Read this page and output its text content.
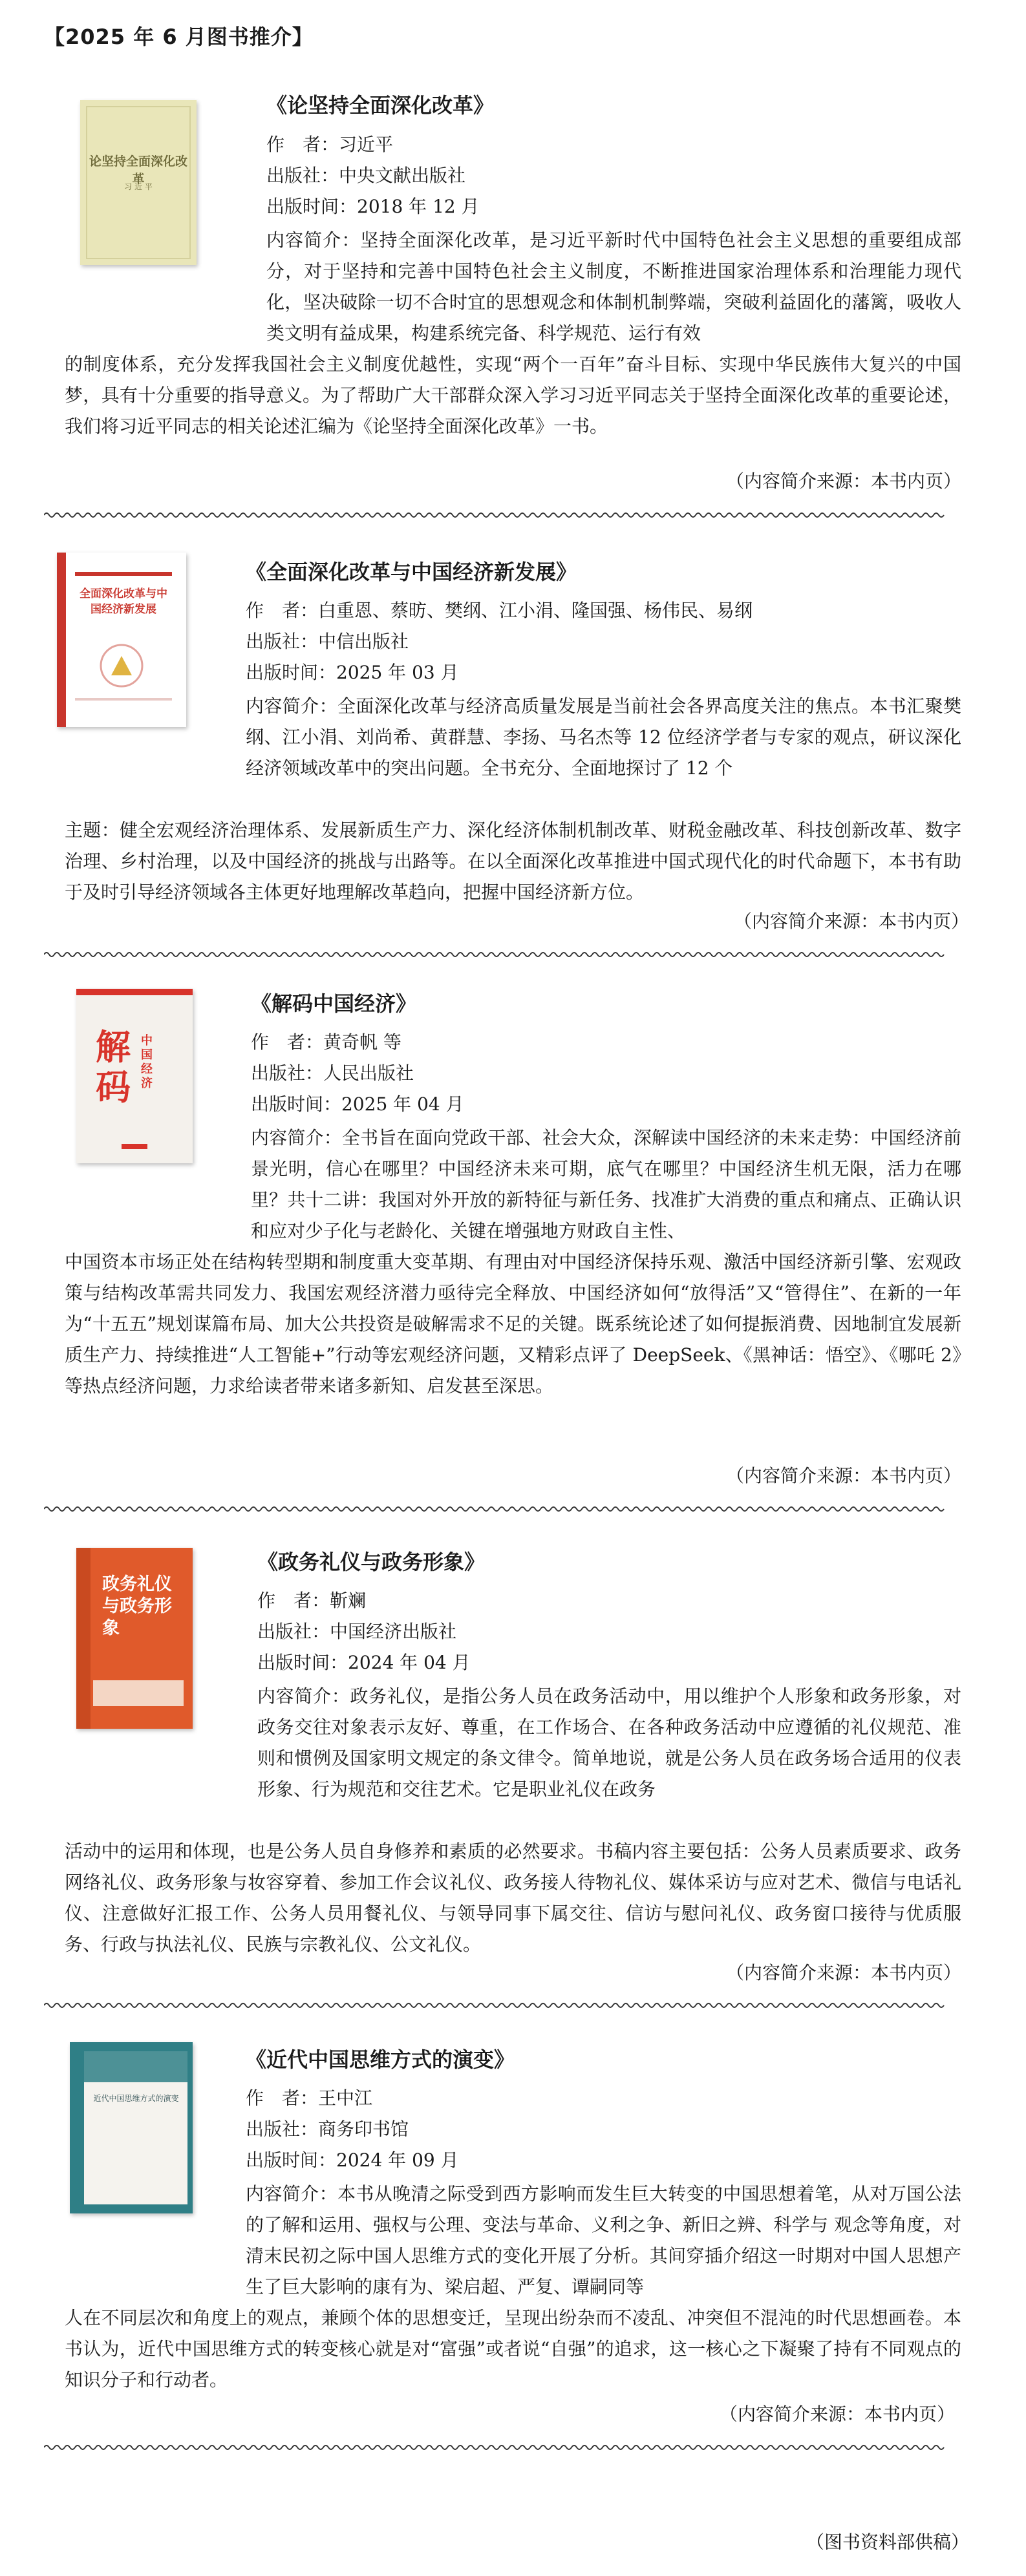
【2025 年 6 月图书推介】
论坚持全面深化改革
习 近 平
《论坚持全面深化改革》
作　者：习近平
出版社：中央文献出版社
出版时间：2018 年 12 月
内容简介：坚持全面深化改革，是习近平新时代中国特色社会主义思想的重要组成部分，对于坚持和完善中国特色社会主义制度，不断推进国家治理体系和治理能力现代化，坚决破除一切不合时宜的思想观念和体制机制弊端，突破利益固化的藩篱，吸收人类文明有益成果，构建系统完备、科学规范、运行有效
的制度体系，充分发挥我国社会主义制度优越性，实现“两个一百年”奋斗目标、实现中华民族伟大复兴的中国梦，具有十分重要的指导意义。为了帮助广大干部群众深入学习习近平同志关于坚持全面深化改革的重要论述，我们将习近平同志的相关论述汇编为《论坚持全面深化改革》一书。
（内容简介来源：本书内页）
全面深化改革与中国经济新发展
《全面深化改革与中国经济新发展》
作　者：白重恩、蔡昉、樊纲、江小涓、隆国强、杨伟民、易纲
出版社：中信出版社
出版时间：2025 年 03 月
内容简介：全面深化改革与经济高质量发展是当前社会各界高度关注的焦点。本书汇聚樊纲、江小涓、刘尚希、黄群慧、李扬、马名杰等 12 位经济学者与专家的观点，研议深化经济领域改革中的突出问题。全书充分、全面地探讨了 12 个
主题：健全宏观经济治理体系、发展新质生产力、深化经济体制机制改革、财税金融改革、科技创新改革、数字治理、乡村治理，以及中国经济的挑战与出路等。在以全面深化改革推进中国式现代化的时代命题下，本书有助于及时引导经济领域各主体更好地理解改革趋向，把握中国经济新方位。
（内容简介来源：本书内页）
解码
中国经济
《解码中国经济》
作　者：黄奇帆 等
出版社：人民出版社
出版时间：2025 年 04 月
内容简介：全书旨在面向党政干部、社会大众，深解读中国经济的未来走势：中国经济前景光明，信心在哪里？中国经济未来可期，底气在哪里？中国经济生机无限，活力在哪里？共十二讲：我国对外开放的新特征与新任务、找准扩大消费的重点和痛点、正确认识和应对少子化与老龄化、关键在增强地方财政自主性、
中国资本市场正处在结构转型期和制度重大变革期、有理由对中国经济保持乐观、激活中国经济新引擎、宏观政策与结构改革需共同发力、我国宏观经济潜力亟待完全释放、中国经济如何“放得活”又“管得住”、在新的一年为“十五五”规划谋篇布局、加大公共投资是破解需求不足的关键。既系统论述了如何提振消费、因地制宜发展新质生产力、持续推进“人工智能+”行动等宏观经济问题，又精彩点评了 DeepSeek、《黑神话：悟空》、《哪吒 2》等热点经济问题，力求给读者带来诸多新知、启发甚至深思。
（内容简介来源：本书内页）
政务礼仪与政务形象
《政务礼仪与政务形象》
作　者：靳斓
出版社：中国经济出版社
出版时间：2024 年 04 月
内容简介：政务礼仪，是指公务人员在政务活动中，用以维护个人形象和政务形象，对政务交往对象表示友好、尊重，在工作场合、在各种政务活动中应遵循的礼仪规范、准则和惯例及国家明文规定的条文律令。简单地说，就是公务人员在政务场合适用的仪表形象、行为规范和交往艺术。它是职业礼仪在政务
活动中的运用和体现，也是公务人员自身修养和素质的必然要求。书稿内容主要包括：公务人员素质要求、政务网络礼仪、政务形象与妆容穿着、参加工作会议礼仪、政务接人待物礼仪、媒体采访与应对艺术、微信与电话礼仪、注意做好汇报工作、公务人员用餐礼仪、与领导同事下属交往、信访与慰问礼仪、政务窗口接待与优质服务、行政与执法礼仪、民族与宗教礼仪、公文礼仪。
（内容简介来源：本书内页）
近代中国思维方式的演变
《近代中国思维方式的演变》
作　者：王中江
出版社：商务印书馆
出版时间：2024 年 09 月
内容简介：本书从晚清之际受到西方影响而发生巨大转变的中国思想着笔，从对万国公法的了解和运用、强权与公理、变法与革命、义利之争、新旧之辨、科学与 观念等角度，对清末民初之际中国人思维方式的变化开展了分析。其间穿插介绍这一时期对中国人思想产生了巨大影响的康有为、梁启超、严复、谭嗣同等
人在不同层次和角度上的观点，兼顾个体的思想变迁，呈现出纷杂而不凌乱、冲突但不混沌的时代思想画卷。本书认为，近代中国思维方式的转变核心就是对“富强”或者说“自强”的追求，这一核心之下凝聚了持有不同观点的知识分子和行动者。
（内容简介来源：本书内页）
（图书资料部供稿）
